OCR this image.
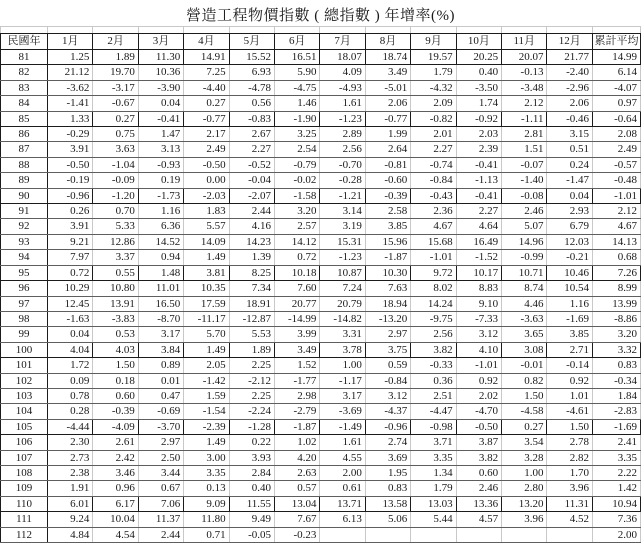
營造工程物價指數 ( 總指數 ) 年增率(%)

民國年	1月	2月	3月	4月	5月	6月	7月	8月	9月	10月	11月	12月	累計平均
81	1.25	1.89	11.30	14.91	15.52	16.51	18.07	18.74	19.57	20.25	20.07	21.77	14.99
82	21.12	19.70	10.36	7.25	6.93	5.90	4.09	3.49	1.79	0.40	-0.13	-2.40	6.14
83	-3.62	-3.17	-3.90	-4.40	-4.78	-4.75	-4.93	-5.01	-4.32	-3.50	-3.48	-2.96	-4.07
84	-1.41	-0.67	0.04	0.27	0.56	1.46	1.61	2.06	2.09	1.74	2.12	2.06	0.97
85	1.33	0.27	-0.41	-0.77	-0.83	-1.90	-1.23	-0.77	-0.82	-0.92	-1.11	-0.46	-0.64
86	-0.29	0.75	1.47	2.17	2.67	3.25	2.89	1.99	2.01	2.03	2.81	3.15	2.08
87	3.91	3.63	3.13	2.49	2.27	2.54	2.56	2.64	2.27	2.39	1.51	0.51	2.49
88	-0.50	-1.04	-0.93	-0.50	-0.52	-0.79	-0.70	-0.81	-0.74	-0.41	-0.07	0.24	-0.57
89	-0.19	-0.09	0.19	0.00	-0.04	-0.02	-0.28	-0.60	-0.84	-1.13	-1.40	-1.47	-0.48
90	-0.96	-1.20	-1.73	-2.03	-2.07	-1.58	-1.21	-0.39	-0.43	-0.41	-0.08	0.04	-1.01
91	0.26	0.70	1.16	1.83	2.44	3.20	3.14	2.58	2.36	2.27	2.46	2.93	2.12
92	3.91	5.33	6.36	5.57	4.16	2.57	3.19	3.85	4.67	4.64	5.07	6.79	4.67
93	9.21	12.86	14.52	14.09	14.23	14.12	15.31	15.96	15.68	16.49	14.96	12.03	14.13
94	7.97	3.37	0.94	1.49	1.39	0.72	-1.23	-1.87	-1.01	-1.52	-0.99	-0.21	0.68
95	0.72	0.55	1.48	3.81	8.25	10.18	10.87	10.30	9.72	10.17	10.71	10.46	7.26
96	10.29	10.80	11.01	10.35	7.34	7.60	7.24	7.63	8.02	8.83	8.74	10.54	8.99
97	12.45	13.91	16.50	17.59	18.91	20.77	20.79	18.94	14.24	9.10	4.46	1.16	13.99
98	-1.63	-3.83	-8.70	-11.17	-12.87	-14.99	-14.82	-13.20	-9.75	-7.33	-3.63	-1.69	-8.86
99	0.04	0.53	3.17	5.70	5.53	3.99	3.31	2.97	2.56	3.12	3.65	3.85	3.20
100	4.04	4.03	3.84	1.49	1.89	3.49	3.78	3.75	3.82	4.10	3.08	2.71	3.32
101	1.72	1.50	0.89	2.05	2.25	1.52	1.00	0.59	-0.33	-1.01	-0.01	-0.14	0.83
102	0.09	0.18	0.01	-1.42	-2.12	-1.77	-1.17	-0.84	0.36	0.92	0.82	0.92	-0.34
103	0.78	0.60	0.47	1.59	2.25	2.98	3.17	3.12	2.51	2.02	1.50	1.01	1.84
104	0.28	-0.39	-0.69	-1.54	-2.24	-2.79	-3.69	-4.37	-4.47	-4.70	-4.58	-4.61	-2.83
105	-4.44	-4.09	-3.70	-2.39	-1.28	-1.87	-1.49	-0.96	-0.98	-0.50	0.27	1.50	-1.69
106	2.30	2.61	2.97	1.49	0.22	1.02	1.61	2.74	3.71	3.87	3.54	2.78	2.41
107	2.73	2.42	2.50	3.00	3.93	4.20	4.55	3.69	3.35	3.82	3.28	2.82	3.35
108	2.38	3.46	3.44	3.35	2.84	2.63	2.00	1.95	1.34	0.60	1.00	1.70	2.22
109	1.91	0.96	0.67	0.13	0.40	0.57	0.61	0.83	1.79	2.46	2.80	3.96	1.42
110	6.01	6.17	7.06	9.09	11.55	13.04	13.71	13.58	13.03	13.36	13.20	11.31	10.94
111	9.24	10.04	11.37	11.80	9.49	7.67	6.13	5.06	5.44	4.57	3.96	4.52	7.36
112	4.84	4.54	2.44	0.71	-0.05	-0.23							2.00
